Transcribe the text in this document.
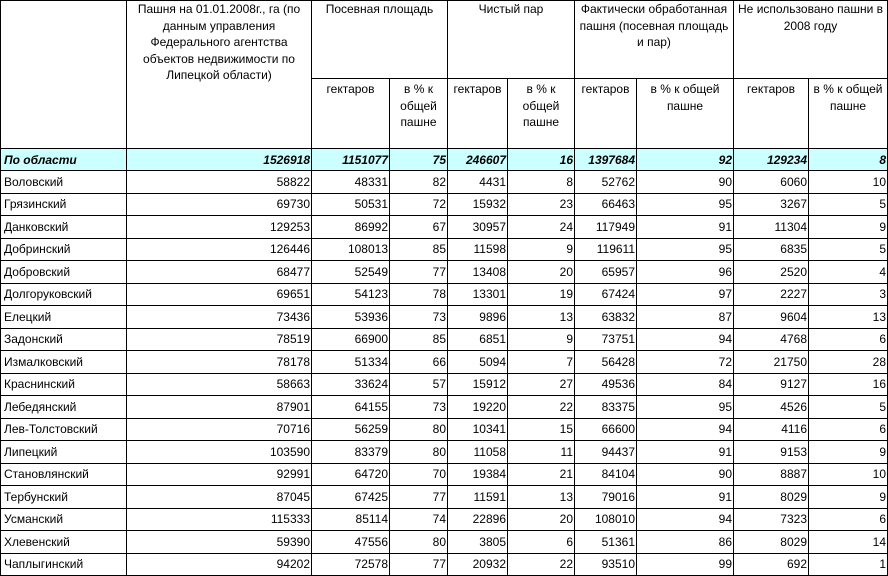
	Пашня на 01.01.2008г., га (по данным управления Федерального агентства объектов недвижимости по Липецкой области)	Посевная площадь		Чистый пар		Фактически обработанная пашня (посевная площадь и пар)		Не использовано пашни в 2008 году	
		гектаров	в % к общей пашне	гектаров	в % к общей пашне	гектаров	в % к общей пашне	гектаров	в % к общей пашне
По области	1526918	1151077	75	246607	16	1397684	92	129234	8
Воловский	58822	48331	82	4431	8	52762	90	6060	10
Грязинский	69730	50531	72	15932	23	66463	95	3267	5
Данковский	129253	86992	67	30957	24	117949	91	11304	9
Добринский	126446	108013	85	11598	9	119611	95	6835	5
Добровский	68477	52549	77	13408	20	65957	96	2520	4
Долгоруковский	69651	54123	78	13301	19	67424	97	2227	3
Елецкий	73436	53936	73	9896	13	63832	87	9604	13
Задонский	78519	66900	85	6851	9	73751	94	4768	6
Измалковский	78178	51334	66	5094	7	56428	72	21750	28
Краснинский	58663	33624	57	15912	27	49536	84	9127	16
Лебедянский	87901	64155	73	19220	22	83375	95	4526	5
Лев-Толстовский	70716	56259	80	10341	15	66600	94	4116	6
Липецкий	103590	83379	80	11058	11	94437	91	9153	9
Становлянский	92991	64720	70	19384	21	84104	90	8887	10
Тербунский	87045	67425	77	11591	13	79016	91	8029	9
Усманский	115333	85114	74	22896	20	108010	94	7323	6
Хлевенский	59390	47556	80	3805	6	51361	86	8029	14
Чаплыгинский	94202	72578	77	20932	22	93510	99	692	1
